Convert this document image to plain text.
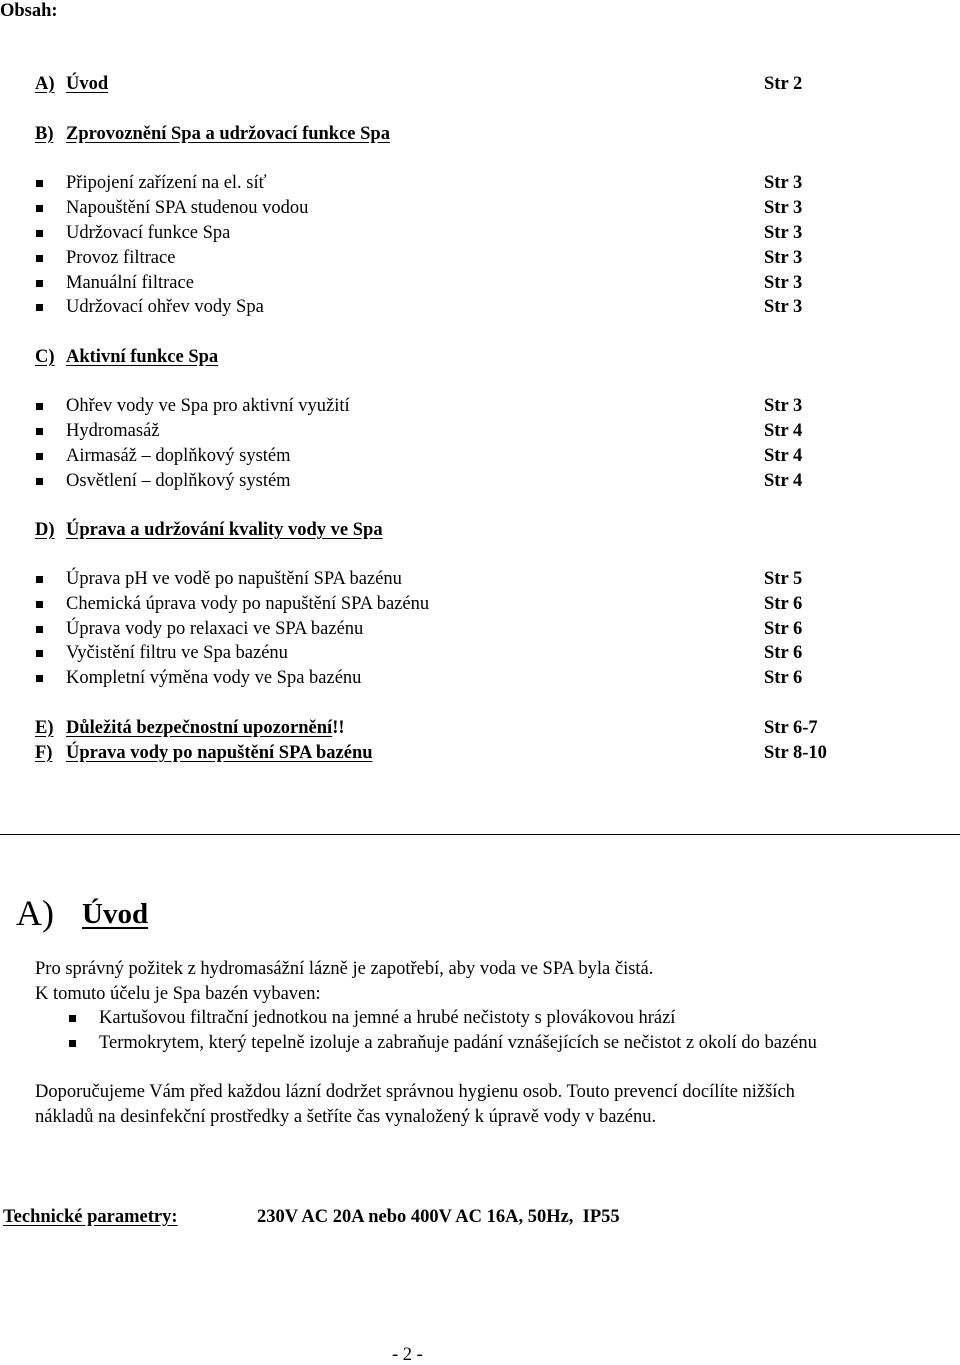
Obsah:
A) Úvod	Str 2
B) Zprovoznění Spa a udržovací funkce Spa
Připojení zařízení na el. síť	Str 3
Napouštění SPA studenou vodou	Str 3
Udržovací funkce Spa	Str 3
Provoz filtrace	Str 3
Manuální filtrace	Str 3
Udržovací ohřev vody Spa	Str 3
C) Aktivní funkce Spa
Ohřev vody ve Spa pro aktivní využití	Str 3
Hydromasáž	Str 4
Airmasáž – doplňkový systém	Str 4
Osvětlení – doplňkový systém	Str 4
D) Úprava a udržování kvality vody ve Spa
Úprava pH ve vodě po napuštění SPA bazénu	Str 5
Chemická úprava vody po napuštění SPA bazénu	Str 6
Úprava vody po relaxaci ve SPA bazénu	Str 6
Vyčistění filtru ve Spa bazénu	Str 6
Kompletní výměna vody ve Spa bazénu	Str 6
E) Důležitá bezpečnostní upozornění!!	Str 6-7
F) Úprava vody po napuštění SPA bazénu	Str 8-10
A) Úvod
Pro správný požitek z hydromasážní lázně je zapotřebí, aby voda ve SPA byla čistá.
K tomuto účelu je Spa bazén vybaven:
Kartušovou filtrační jednotkou na jemné a hrubé nečistoty s plovákovou hrází
Termokrytem, který tepelně izoluje a zabraňuje padání vznášejících se nečistot z okolí do bazénu
Doporučujeme Vám před každou lázní dodržet správnou hygienu osob. Touto prevencí docílíte nižších
nákladů na desinfekční prostředky a šetříte čas vynaložený k úpravě vody v bazénu.
Technické parametry:	230V AC 20A nebo 400V AC 16A, 50Hz,  IP55
- 2 -
